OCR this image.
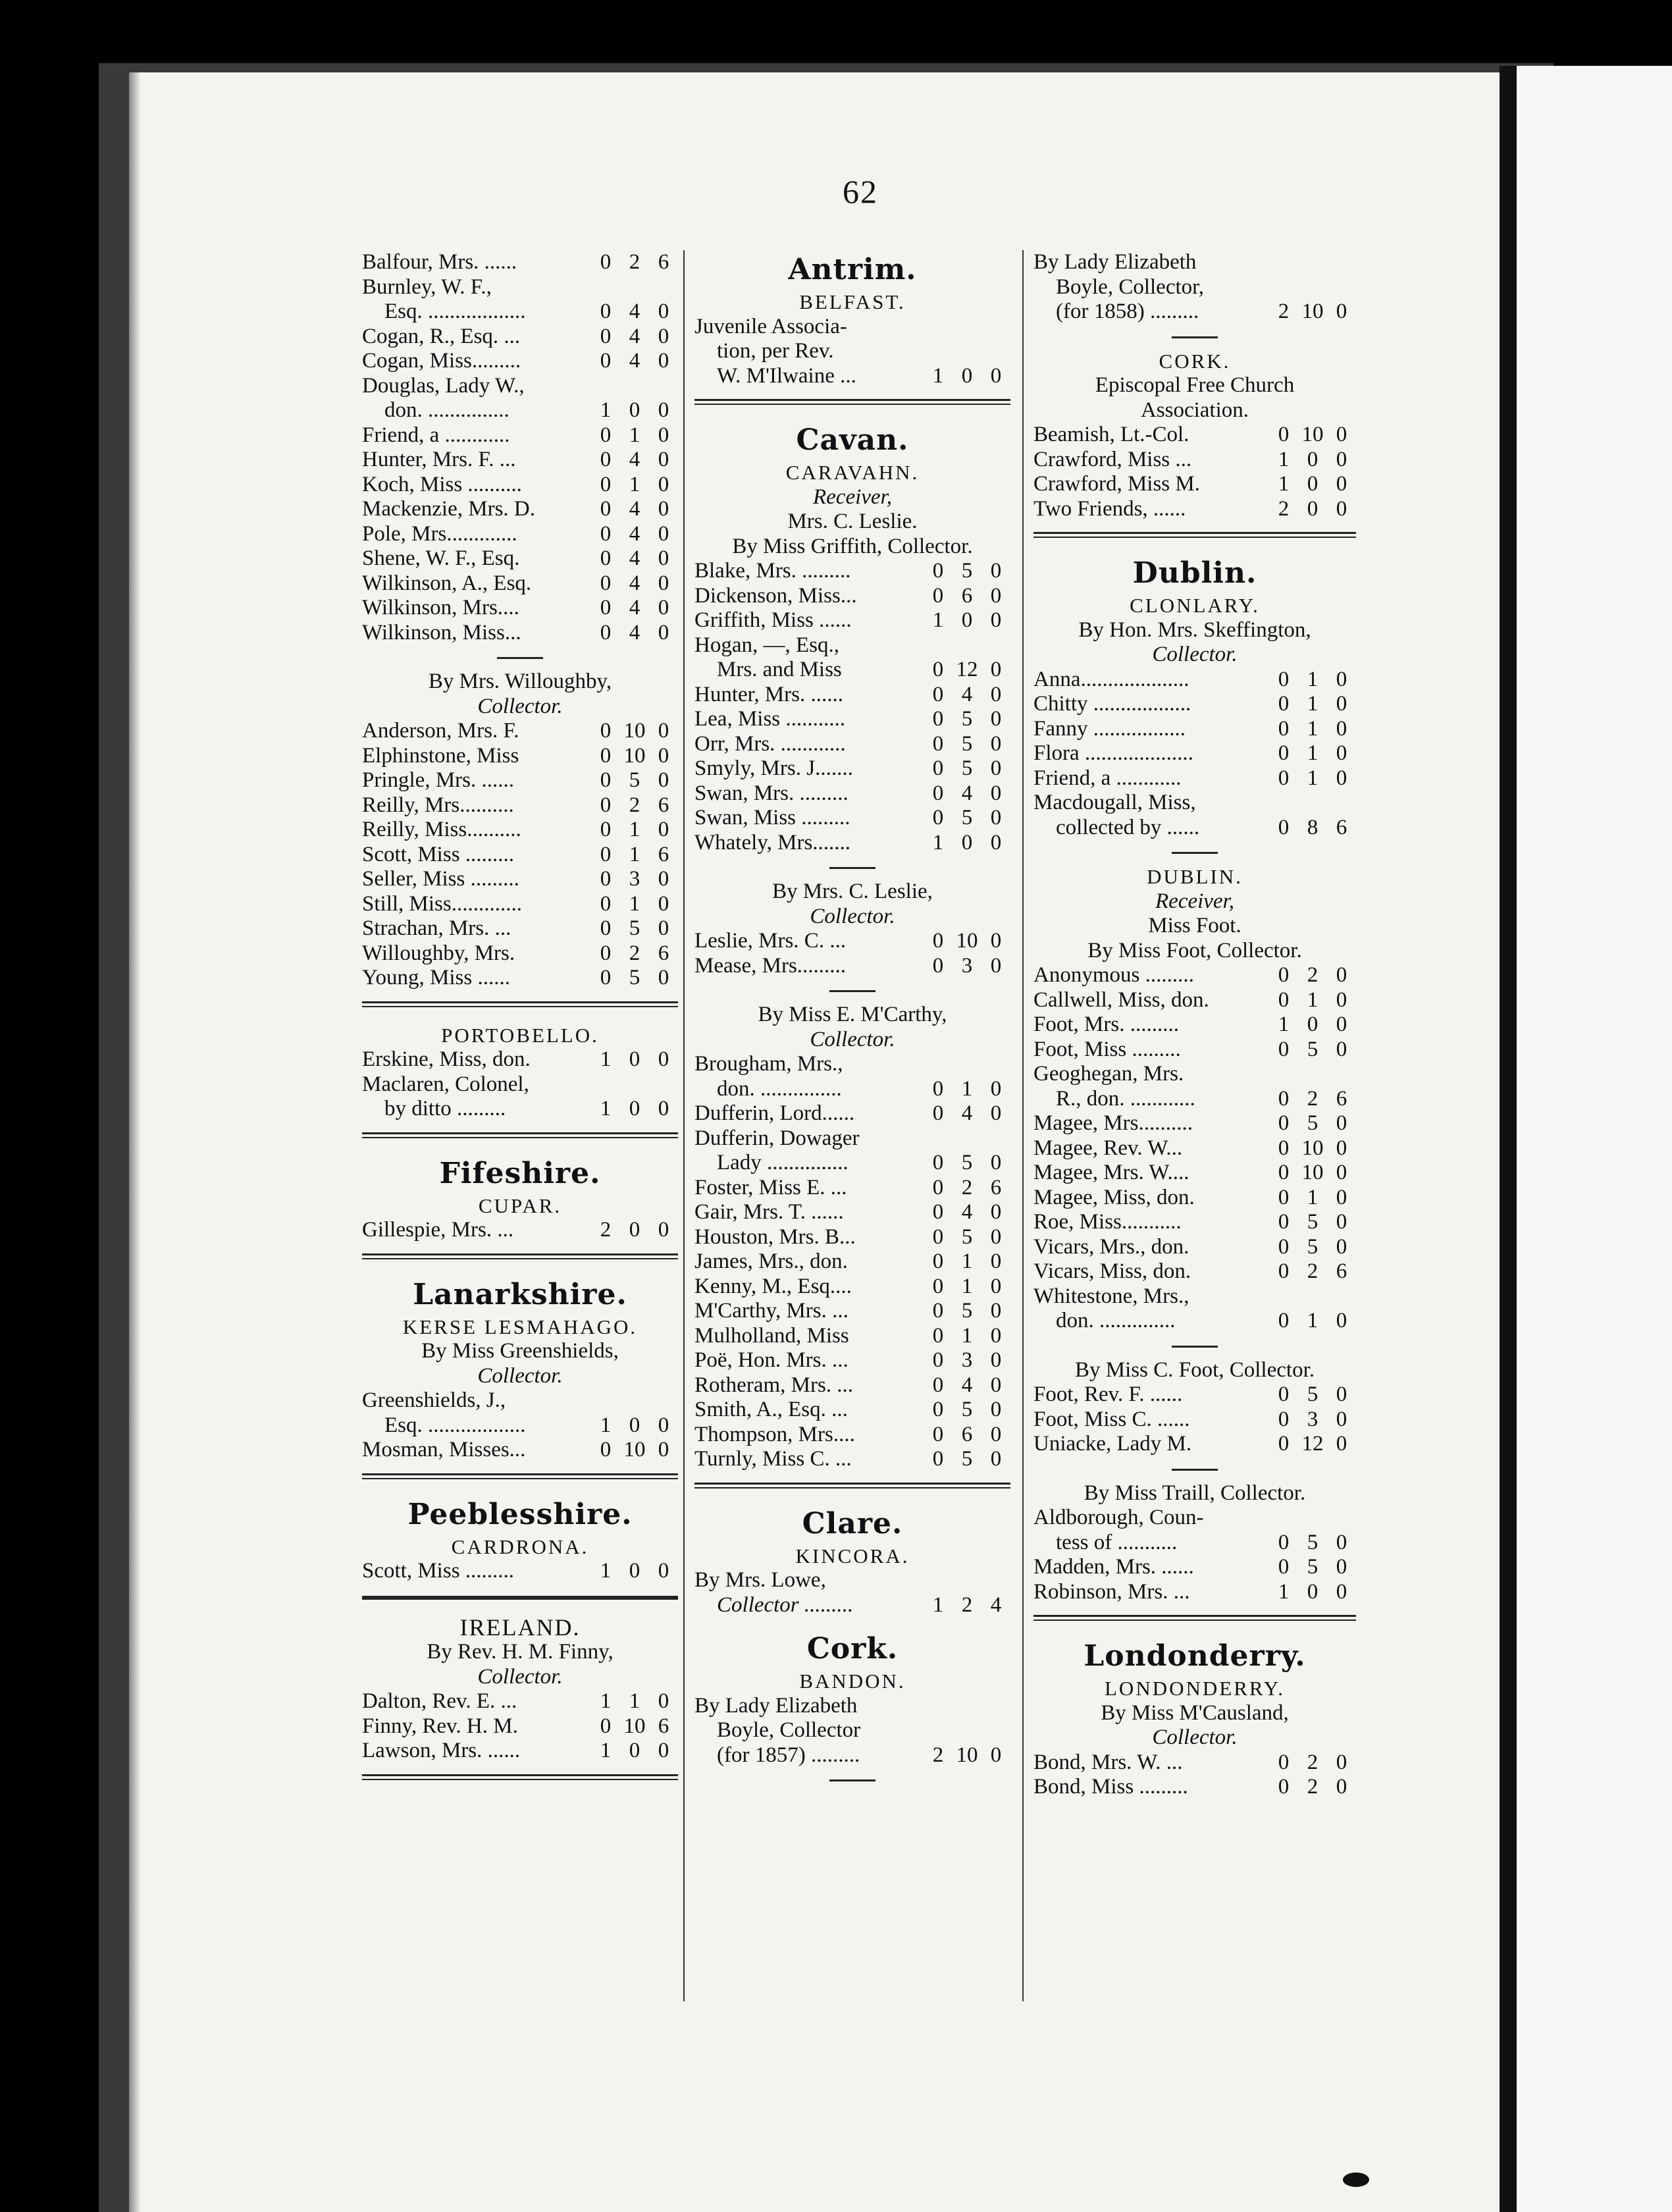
62
Balfour, Mrs. ......	0 2 6
Burnley, W. F.,
Esq. ..................	0 4 0
Cogan, R., Esq. ...	0 4 0
Cogan, Miss.........	0 4 0
Douglas, Lady W.,
don. ...............	1 0 0
Friend, a ............	0 1 0
Hunter, Mrs. F. ...	0 4 0
Koch, Miss ..........	0 1 0
Mackenzie, Mrs. D.	0 4 0
Pole, Mrs.............	0 4 0
Shene, W. F., Esq.	0 4 0
Wilkinson, A., Esq.	0 4 0
Wilkinson, Mrs....	0 4 0
Wilkinson, Miss...	0 4 0
By Mrs. Willoughby,
Collector.
Anderson, Mrs. F.	0 10 0
Elphinstone, Miss	0 10 0
Pringle, Mrs. ......	0 5 0
Reilly, Mrs..........	0 2 6
Reilly, Miss..........	0 1 0
Scott, Miss .........	0 1 6
Seller, Miss .........	0 3 0
Still, Miss.............	0 1 0
Strachan, Mrs. ...	0 5 0
Willoughby, Mrs.	0 2 6
Young, Miss ......	0 5 0
PORTOBELLO.
Erskine, Miss, don.	1 0 0
Maclaren, Colonel,
by ditto .........	1 0 0
Fifeshire.
CUPAR.
Gillespie, Mrs. ...	2 0 0
Lanarkshire.
KERSE LESMAHAGO.
By Miss Greenshields,
Collector.
Greenshields, J.,
Esq. ..................	1 0 0
Mosman, Misses...	0 10 0
Peeblesshire.
CARDRONA.
Scott, Miss .........	1 0 0
IRELAND.
By Rev. H. M. Finny,
Collector.
Dalton, Rev. E. ...	1 1 0
Finny, Rev. H. M.	0 10 6
Lawson, Mrs. ......	1 0 0
Antrim.
BELFAST.
Juvenile Associa-
tion, per Rev.
W. M'Ilwaine ...	1 0 0
Cavan.
CARAVAHN.
Receiver,
Mrs. C. Leslie.
By Miss Griffith, Collector.
Blake, Mrs. .........	0 5 0
Dickenson, Miss...	0 6 0
Griffith, Miss ......	1 0 0
Hogan, —, Esq.,
Mrs. and Miss	0 12 0
Hunter, Mrs. ......	0 4 0
Lea, Miss ...........	0 5 0
Orr, Mrs. ............	0 5 0
Smyly, Mrs. J.......	0 5 0
Swan, Mrs. .........	0 4 0
Swan, Miss .........	0 5 0
Whately, Mrs.......	1 0 0
By Mrs. C. Leslie,
Collector.
Leslie, Mrs. C. ...	0 10 0
Mease, Mrs.........	0 3 0
By Miss E. M'Carthy,
Collector.
Brougham, Mrs.,
don. ...............	0 1 0
Dufferin, Lord......	0 4 0
Dufferin, Dowager
Lady ...............	0 5 0
Foster, Miss E. ...	0 2 6
Gair, Mrs. T. ......	0 4 0
Houston, Mrs. B...	0 5 0
James, Mrs., don.	0 1 0
Kenny, M., Esq....	0 1 0
M'Carthy, Mrs. ...	0 5 0
Mulholland, Miss	0 1 0
Poë, Hon. Mrs. ...	0 3 0
Rotheram, Mrs. ...	0 4 0
Smith, A., Esq. ...	0 5 0
Thompson, Mrs....	0 6 0
Turnly, Miss C. ...	0 5 0
Clare.
KINCORA.
By Mrs. Lowe,
Collector .........	1 2 4
Cork.
BANDON.
By Lady Elizabeth
Boyle, Collector
(for 1857) .........	2 10 0
By Lady Elizabeth
Boyle, Collector,
(for 1858) .........	2 10 0
CORK.
Episcopal Free Church
Association.
Beamish, Lt.-Col.	0 10 0
Crawford, Miss ...	1 0 0
Crawford, Miss M.	1 0 0
Two Friends, ......	2 0 0
Dublin.
CLONLARY.
By Hon. Mrs. Skeffington,
Collector.
Anna....................	0 1 0
Chitty ..................	0 1 0
Fanny .................	0 1 0
Flora ....................	0 1 0
Friend, a ............	0 1 0
Macdougall, Miss,
collected by ......	0 8 6
DUBLIN.
Receiver,
Miss Foot.
By Miss Foot, Collector.
Anonymous .........	0 2 0
Callwell, Miss, don.	0 1 0
Foot, Mrs. .........	1 0 0
Foot, Miss .........	0 5 0
Geoghegan, Mrs.
R., don. ............	0 2 6
Magee, Mrs..........	0 5 0
Magee, Rev. W...	0 10 0
Magee, Mrs. W....	0 10 0
Magee, Miss, don.	0 1 0
Roe, Miss...........	0 5 0
Vicars, Mrs., don.	0 5 0
Vicars, Miss, don.	0 2 6
Whitestone, Mrs.,
don. ..............	0 1 0
By Miss C. Foot, Collector.
Foot, Rev. F. ......	0 5 0
Foot, Miss C. ......	0 3 0
Uniacke, Lady M.	0 12 0
By Miss Traill, Collector.
Aldborough, Coun-
tess of ...........	0 5 0
Madden, Mrs. ......	0 5 0
Robinson, Mrs. ...	1 0 0
Londonderry.
LONDONDERRY.
By Miss M'Causland,
Collector.
Bond, Mrs. W. ...	0 2 0
Bond, Miss .........	0 2 0
